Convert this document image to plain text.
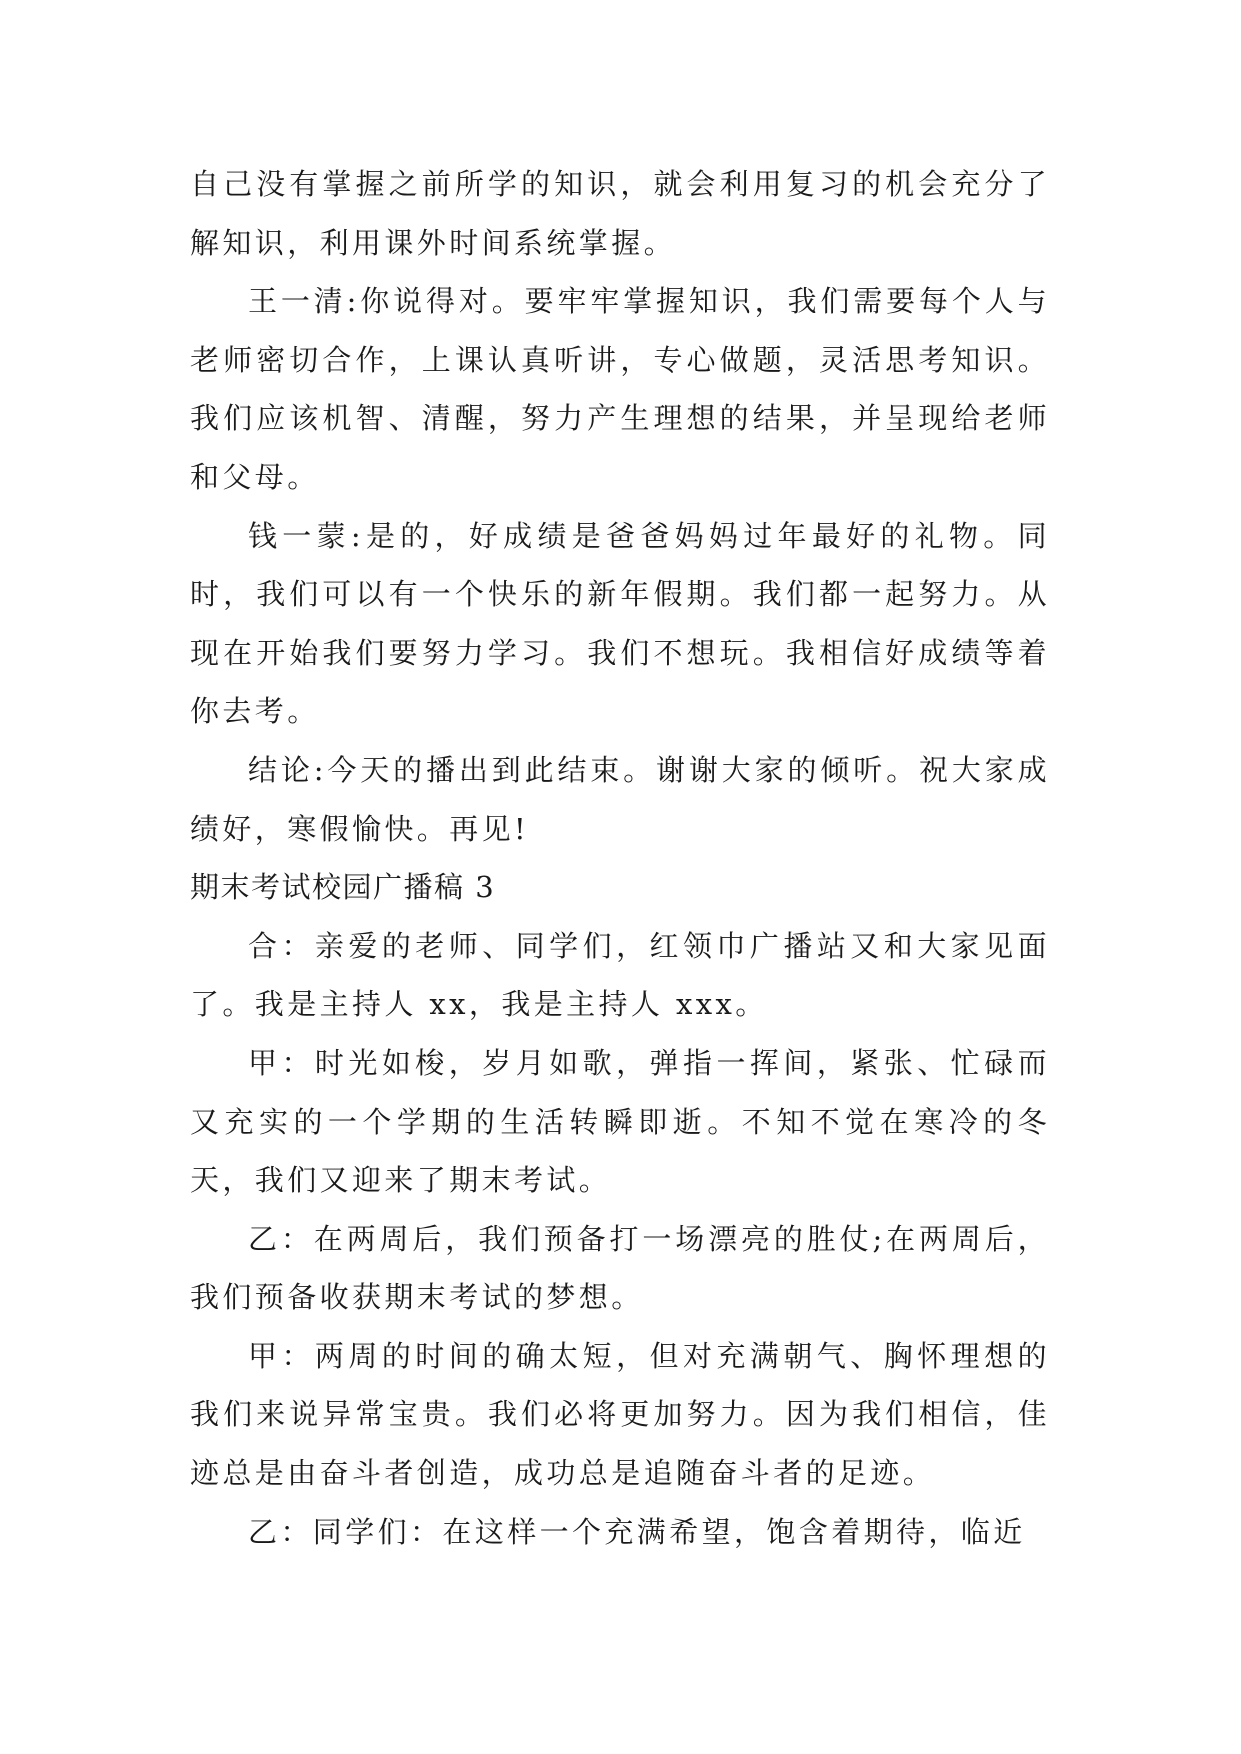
自己没有掌握之前所学的知识，就会利用复习的机会充分了解知识，利用课外时间系统掌握。

王一清:你说得对。要牢牢掌握知识，我们需要每个人与老师密切合作，上课认真听讲，专心做题，灵活思考知识。我们应该机智、清醒，努力产生理想的结果，并呈现给老师和父母。

钱一蒙:是的，好成绩是爸爸妈妈过年最好的礼物。同时，我们可以有一个快乐的新年假期。我们都一起努力。从现在开始我们要努力学习。我们不想玩。我相信好成绩等着你去考。

结论:今天的播出到此结束。谢谢大家的倾听。祝大家成绩好，寒假愉快。再见!

期末考试校园广播稿 3

合：亲爱的老师、同学们，红领巾广播站又和大家见面了。我是主持人 xx，我是主持人 xxx。

甲：时光如梭，岁月如歌，弹指一挥间，紧张、忙碌而又充实的一个学期的生活转瞬即逝。不知不觉在寒冷的冬天，我们又迎来了期末考试。

乙：在两周后，我们预备打一场漂亮的胜仗;在两周后，我们预备收获期末考试的梦想。

甲：两周的时间的确太短，但对充满朝气、胸怀理想的我们来说异常宝贵。我们必将更加努力。因为我们相信，佳迹总是由奋斗者创造，成功总是追随奋斗者的足迹。

乙：同学们：在这样一个充满希望，饱含着期待，临近
